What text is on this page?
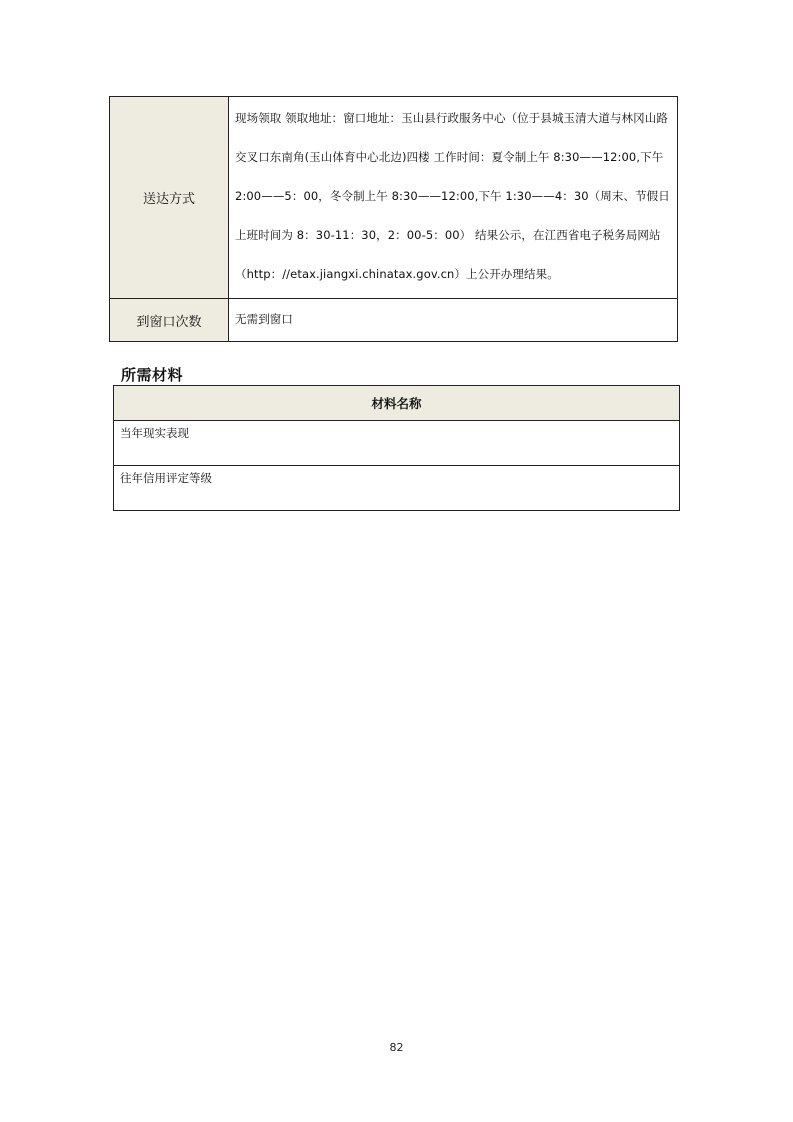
送达方式	现场领取 领取地址：窗口地址：玉山县行政服务中心（位于县城玉清大道与林冈山路交叉口东南角(玉山体育中心北边)四楼 工作时间：夏令制上午 8:30——12:00,下午 2:00——5：00，冬令制上午 8:30——12:00,下午 1:30——4：30（周末、节假日上班时间为 8：30-11：30，2：00-5：00） 结果公示，在江西省电子税务局网站（http：//etax.jiangxi.chinatax.gov.cn）上公开办理结果。
到窗口次数	无需到窗口
所需材料
材料名称
当年现实表现
往年信用评定等级
82
